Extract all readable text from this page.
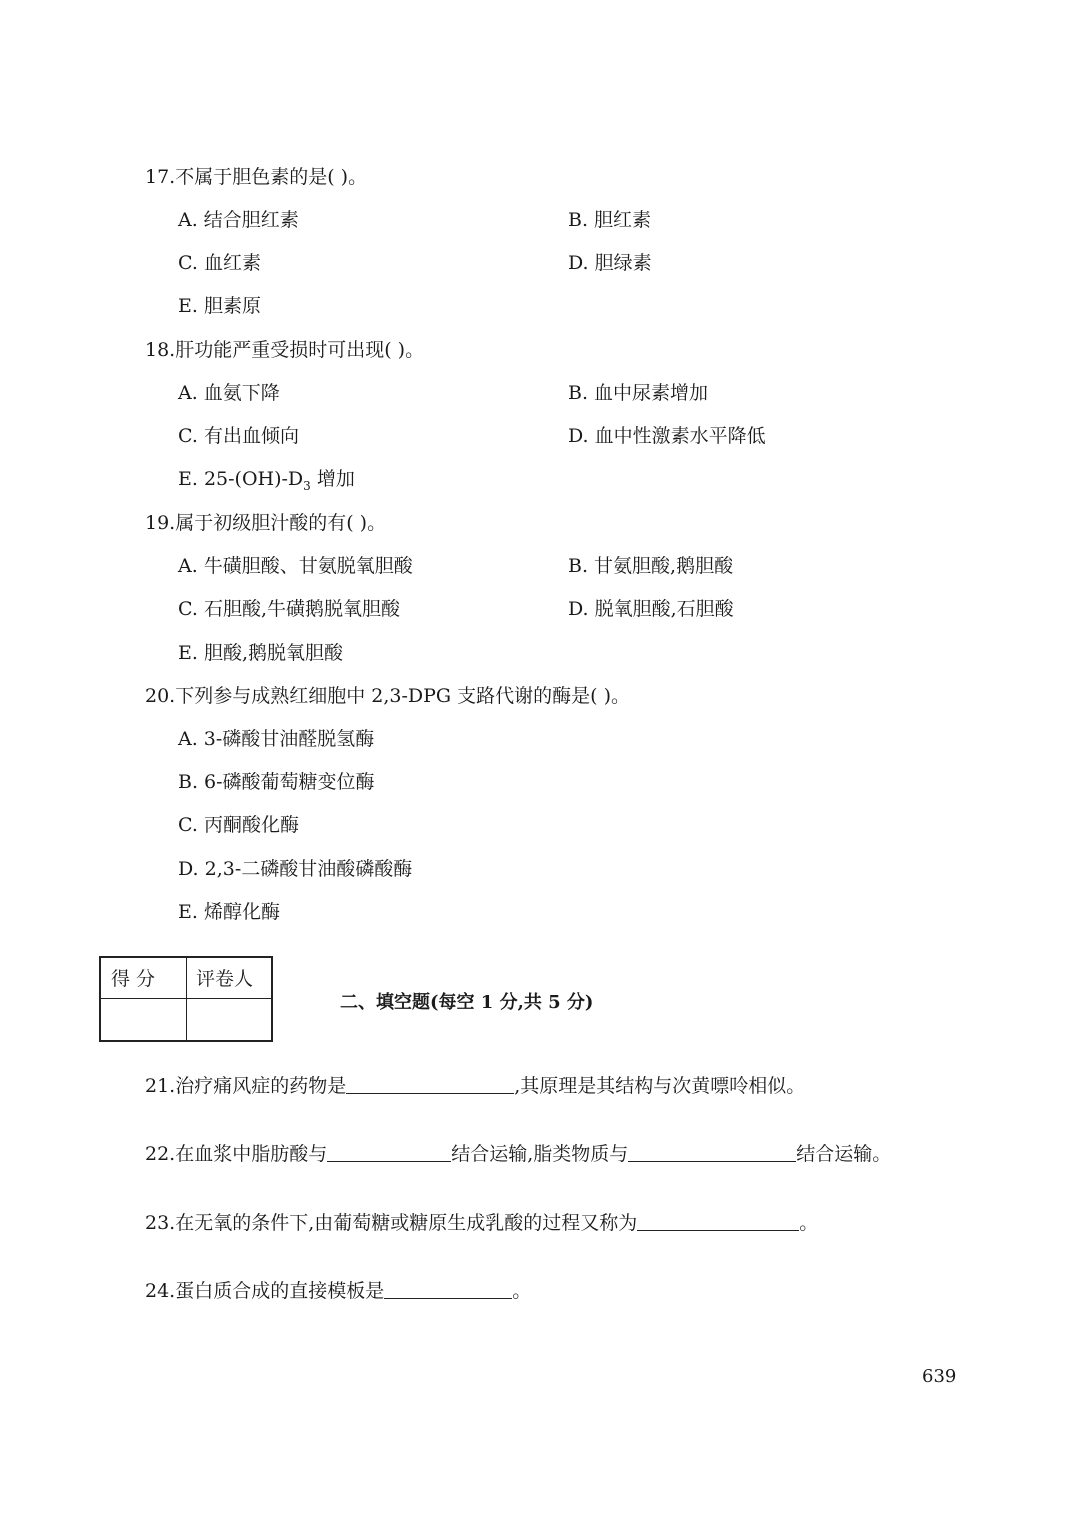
17.不属于胆色素的是( )。
A. 结合胆红素	B. 胆红素
C. 血红素	D. 胆绿素
E. 胆素原
18.肝功能严重受损时可出现( )。
A. 血氨下降	B. 血中尿素增加
C. 有出血倾向	D. 血中性激素水平降低
E. $25-(OH)-D_3$ 增加
19.属于初级胆汁酸的有( )。
A. 牛磺胆酸、甘氨脱氧胆酸	B. 甘氨胆酸,鹅胆酸
C. 石胆酸,牛磺鹅脱氧胆酸	D. 脱氧胆酸,石胆酸
E. 胆酸,鹅脱氧胆酸
20.下列参与成熟红细胞中 2,3-DPG 支路代谢的酶是( )。
A. 3-磷酸甘油醛脱氢酶
B. 6-磷酸葡萄糖变位酶
C. 丙酮酸化酶
D. 2,3-二磷酸甘油酸磷酸酶
E. 烯醇化酶
得 分 评卷人
二、填空题(每空 1 分,共 5 分)
21.治疗痛风症的药物是	,其原理是其结构与次黄嘌呤相似。
22.在血浆中脂肪酸与	结合运输,脂类物质与	结合运输。
23.在无氧的条件下,由葡萄糖或糖原生成乳酸的过程又称为	。
24.蛋白质合成的直接模板是	。
639
